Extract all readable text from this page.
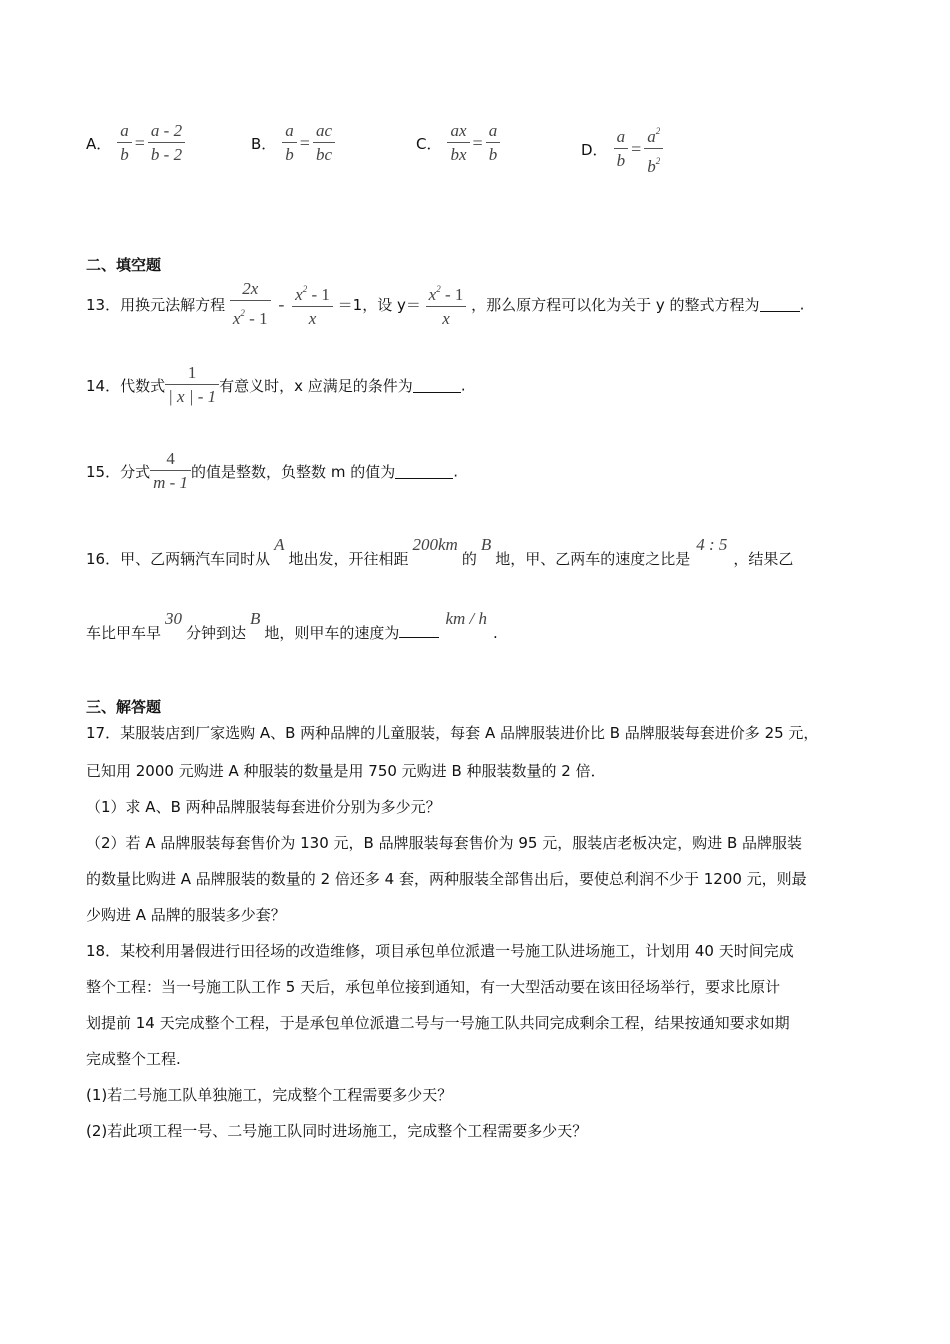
A． $\frac{a}{b} = \frac{a - 2}{b - 2}$	B． $\frac{a}{b} = \frac{ac}{bc}$	C． $\frac{ax}{bx} = \frac{a}{b}$	D． $\frac{a}{b} = \frac{a^2}{b^2}$
二、填空题
13．用换元法解方程 $\frac{2x}{x^2 - 1} - \frac{x^2 - 1}{x} =1$，设 $y= \frac{x^2 - 1}{x}$ ，那么原方程可以化为关于 y 的整式方程为	.
14．代数式 $\frac{1}{| x | - 1}$ 有意义时，x 应满足的条件为	.
15．分式 $\frac{4}{m - 1}$ 的值是整数，负整数 m 的值为	.
16．甲、乙两辆汽车同时从A地出发，开往相距200km的B地，甲、乙两车的速度之比是4 : 5，结果乙
车比甲车早30分钟到达B地，则甲车的速度为km / h.
三、解答题
17．某服装店到厂家选购 A、B 两种品牌的儿童服装，每套 A 品牌服装进价比 B 品牌服装每套进价多 25 元，
已知用 2000 元购进 A 种服装的数量是用 750 元购进 B 种服装数量的 2 倍．
（1）求 A、B 两种品牌服装每套进价分别为多少元？
（2）若 A 品牌服装每套售价为 130 元，B 品牌服装每套售价为 95 元，服装店老板决定，购进 B 品牌服装
的数量比购进 A 品牌服装的数量的 2 倍还多 4 套，两种服装全部售出后，要使总利润不少于 1200 元，则最
少购进 A 品牌的服装多少套？
18．某校利用暑假进行田径场的改造维修，项目承包单位派遣一号施工队进场施工，计划用 40 天时间完成
整个工程：当一号施工队工作 5 天后，承包单位接到通知，有一大型活动要在该田径场举行，要求比原计
划提前 14 天完成整个工程，于是承包单位派遣二号与一号施工队共同完成剩余工程，结果按通知要求如期
完成整个工程.
(1)若二号施工队单独施工，完成整个工程需要多少天？
(2)若此项工程一号、二号施工队同时进场施工，完成整个工程需要多少天？
